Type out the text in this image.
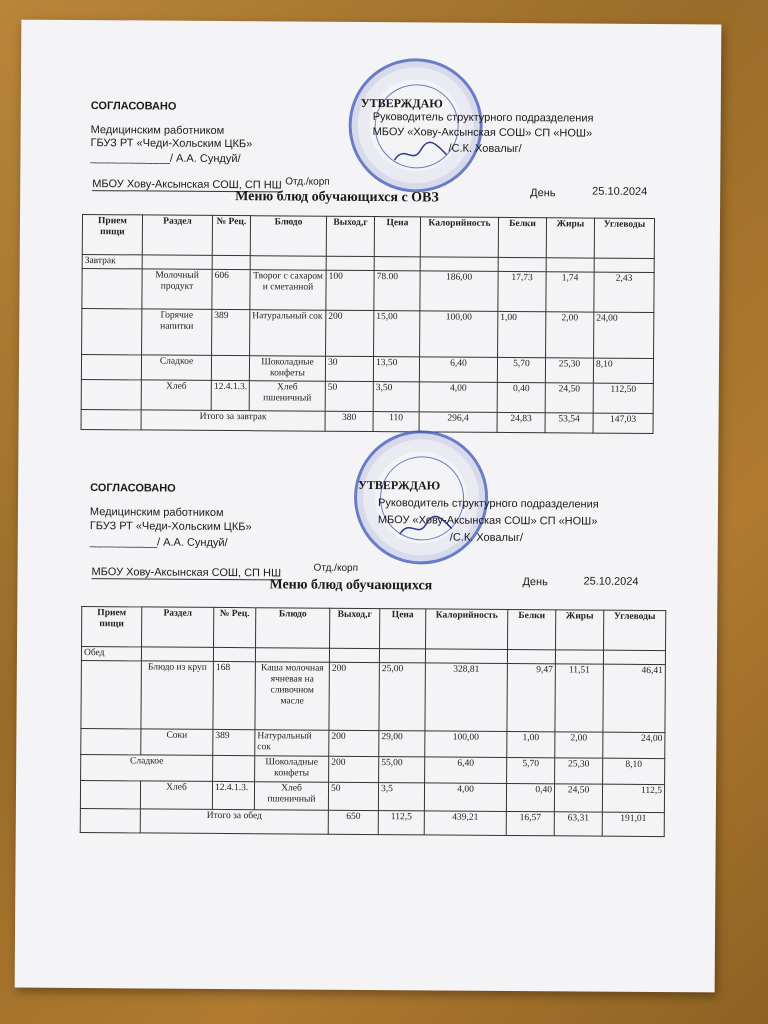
СОГЛАСОВАНО	УТВЕРЖДАЮ
Медицинским работником
ГБУЗ РТ «Чеди-Хольским ЦКБ»
_____________/ А.А. Сундуй/
Руководитель структурного подразделения
МБОУ «Хову-Аксынская СОШ» СП «НОШ»
/С.К. Ховалыг/
МБОУ Хову-Аксынская СОШ, СП НШ Отд./корп
Меню блюд обучающихся с ОВЗ	День	25.10.2024
Прием пищи	Раздел	№ Рец.	Блюдо	Выход,г	Цена	Калорийность	Белки	Жиры	Углеводы
Завтрак									
	Молочный продукт	606	Творог с сахаром и сметанной	100	78.00	186,00	17,73	1,74	2,43
	Горячие напитки	389	Натуральный сок	200	15,00	100,00	1,00	2,00	24,00
	Сладкое		Шоколадные конфеты	30	13,50	6,40	5,70	25,30	8,10
	Хлеб	12.4.1.3.	Хлеб пшеничный	50	3,50	4,00	0,40	24,50	112,50
	Итого за завтрак			380	110	296,4	24,83	53,54	147,03
СОГЛАСОВАНО	УТВЕРЖДАЮ
Медицинским работником
ГБУЗ РТ «Чеди-Хольским ЦКБ»
___________/ А.А. Сундуй/
Руководитель структурного подразделения
МБОУ «Хову-Аксынская СОШ» СП «НОШ»
/С.К. Ховалыг/
МБОУ Хову-Аксынская СОШ, СП НШ	Отд./корп
Меню блюд обучающихся	День	25.10.2024
Прием пищи	Раздел	№ Рец.	Блюдо	Выход,г	Цена	Калорийность	Белки	Жиры	Углеводы
Обед									
	Блюдо из круп	168	Каша молочная ячневая на сливочном масле	200	25,00	328,81	9,47	11,51	46,41
	Соки	389	Натуральный сок	200	29,00	100,00	1,00	2,00	24,00
Сладкое			Шоколадные конфеты	200	55,00	6,40	5,70	25,30	8,10
	Хлеб	12.4.1.3.	Хлеб пшеничный	50	3,5	4,00	0,40	24,50	112,5
	Итого за обед			650	112,5	439,21	16,57	63,31	191,01
